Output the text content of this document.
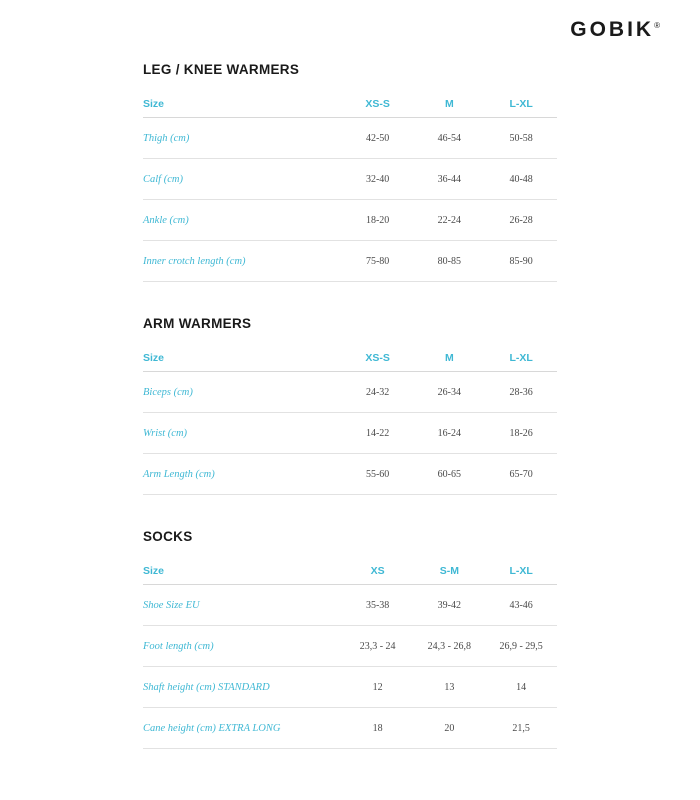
GOBIK®
LEG / KNEE WARMERS
Size	XS-S	M	L-XL
Thigh (cm)	42-50	46-54	50-58
Calf (cm)	32-40	36-44	40-48
Ankle (cm)	18-20	22-24	26-28
Inner crotch length (cm)	75-80	80-85	85-90
ARM WARMERS
Size	XS-S	M	L-XL
Biceps (cm)	24-32	26-34	28-36
Wrist (cm)	14-22	16-24	18-26
Arm Length (cm)	55-60	60-65	65-70
SOCKS
Size	XS	S-M	L-XL
Shoe Size EU	35-38	39-42	43-46
Foot length (cm)	23,3 - 24	24,3 - 26,8	26,9 - 29,5
Shaft height (cm) STANDARD	12	13	14
Cane height (cm) EXTRA LONG	18	20	21,5
